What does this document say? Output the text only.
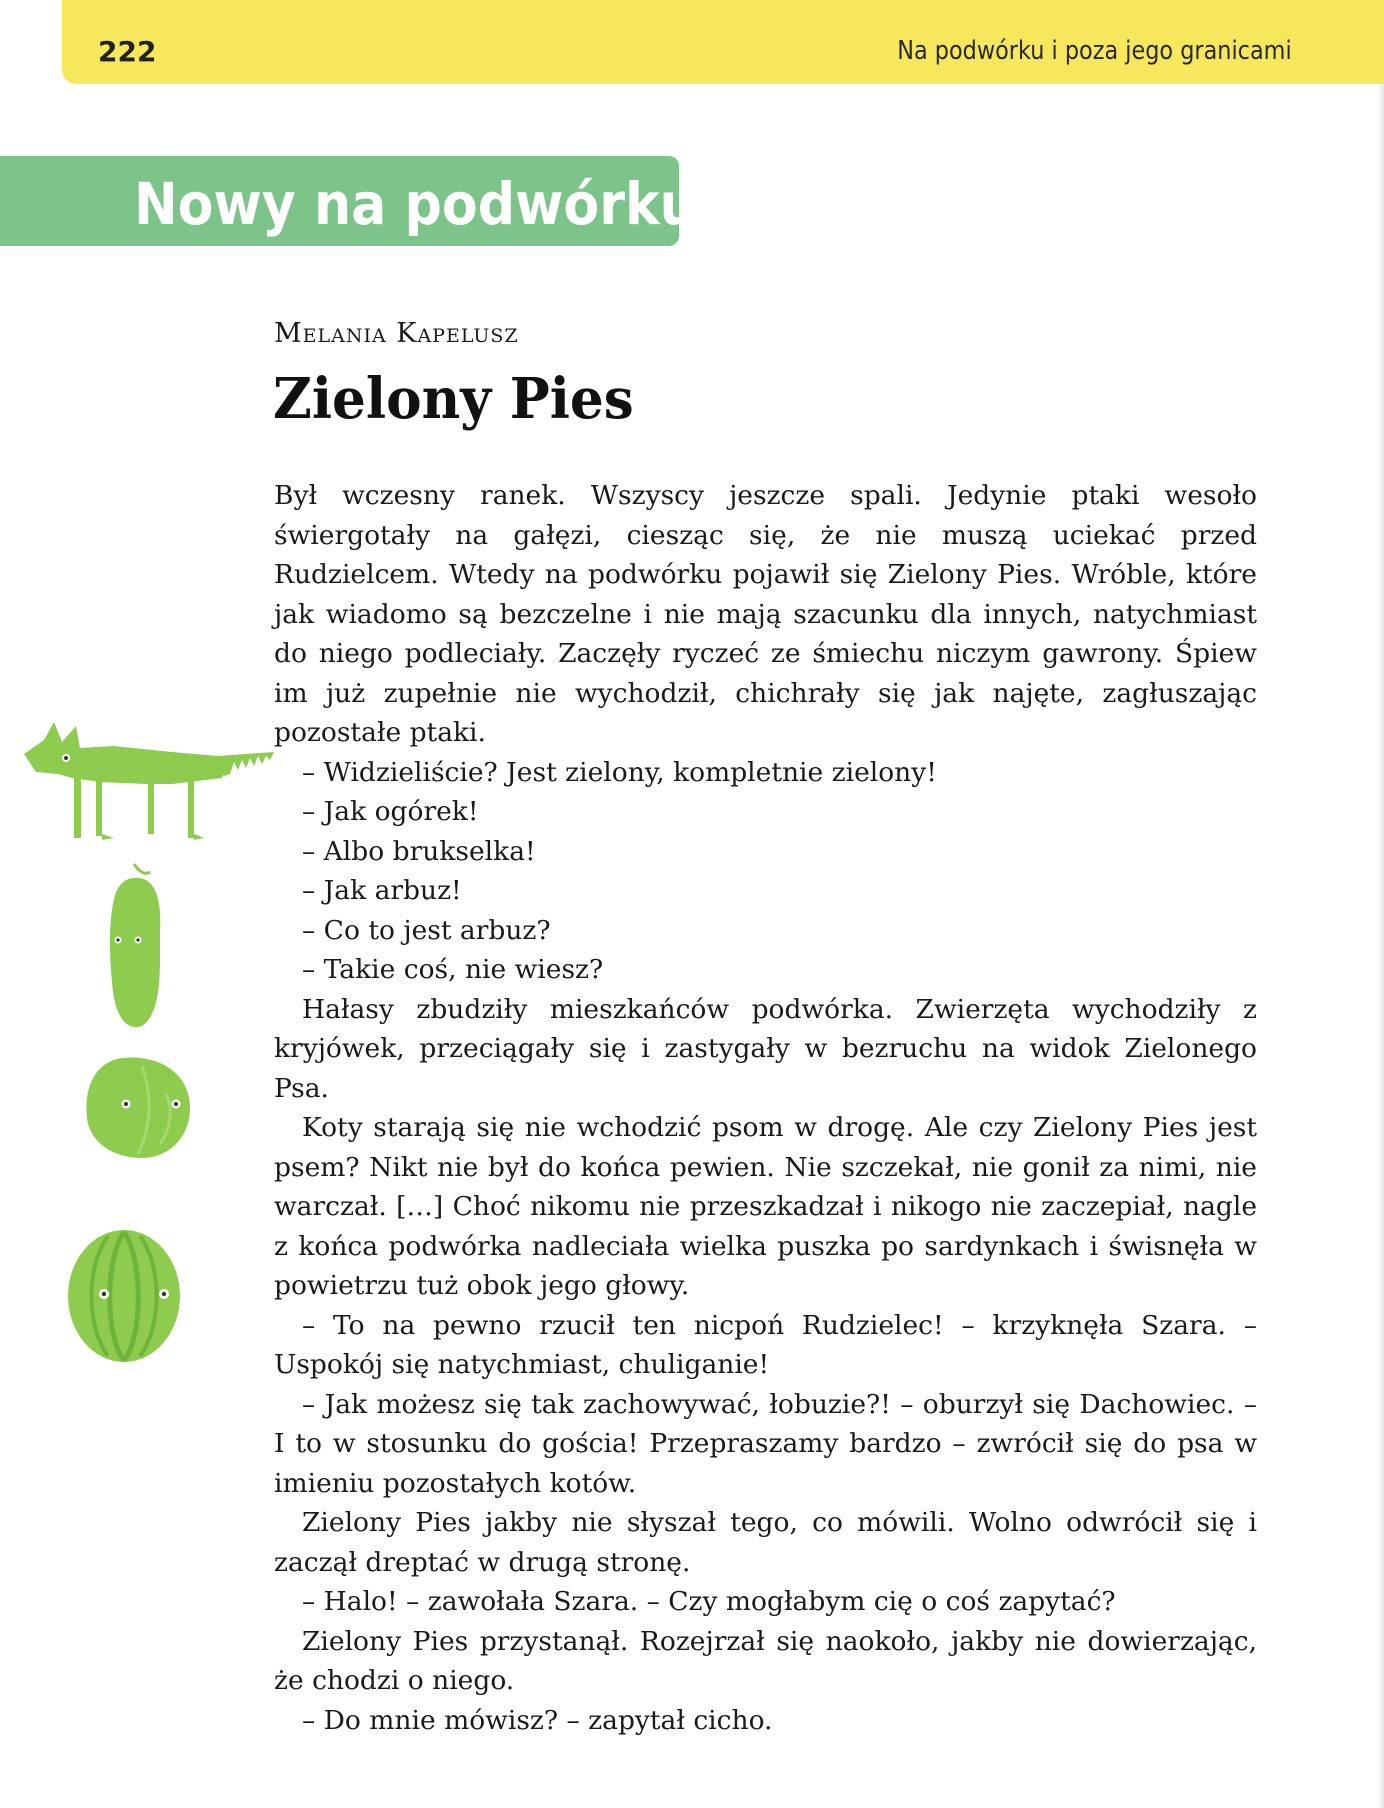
222	Na podwórku i poza jego granicami
Nowy na podwórku
Melania Kapelusz
Zielony Pies

Był wczesny ranek. Wszyscy jeszcze spali. Jedynie ptaki wesoło świergotały na gałęzi, ciesząc się, że nie muszą uciekać przed Rudzielcem. Wtedy na podwórku pojawił się Zielony Pies. Wróble, które jak wiadomo są bezczelne i nie mają szacunku dla innych, natychmiast do niego podleciały. Zaczęły ryczeć ze śmiechu niczym gawrony. Śpiew im już zupełnie nie wychodził, chichrały się jak najęte, zagłuszając pozostałe ptaki.

– Widzieliście? Jest zielony, kompletnie zielony!

– Jak ogórek!

– Albo brukselka!

– Jak arbuz!

– Co to jest arbuz?

– Takie coś, nie wiesz?

Hałasy zbudziły mieszkańców podwórka. Zwierzęta wychodziły z kryjówek, przeciągały się i zastygały w bezruchu na widok Zielonego Psa.

Koty starają się nie wchodzić psom w drogę. Ale czy Zielony Pies jest psem? Nikt nie był do końca pewien. Nie szczekał, nie gonił za nimi, nie warczał. […] Choć nikomu nie przeszkadzał i nikogo nie zaczepiał, nagle z końca podwórka nadleciała wielka puszka po sardynkach i świsnęła w powietrzu tuż obok jego głowy.

– To na pewno rzucił ten nicpoń Rudzielec! – krzyknęła Szara. – Uspokój się natychmiast, chuliganie!

– Jak możesz się tak zachowywać, łobuzie?! – oburzył się Dachowiec. – I to w stosunku do gościa! Przepraszamy bardzo – zwrócił się do psa w imieniu pozostałych kotów.

Zielony Pies jakby nie słyszał tego, co mówili. Wolno odwrócił się i zaczął dreptać w drugą stronę.

– Halo! – zawołała Szara. – Czy mogłabym cię o coś zapytać?

Zielony Pies przystanął. Rozejrzał się naokoło, jakby nie dowierzając, że chodzi o niego.

– Do mnie mówisz? – zapytał cicho.
